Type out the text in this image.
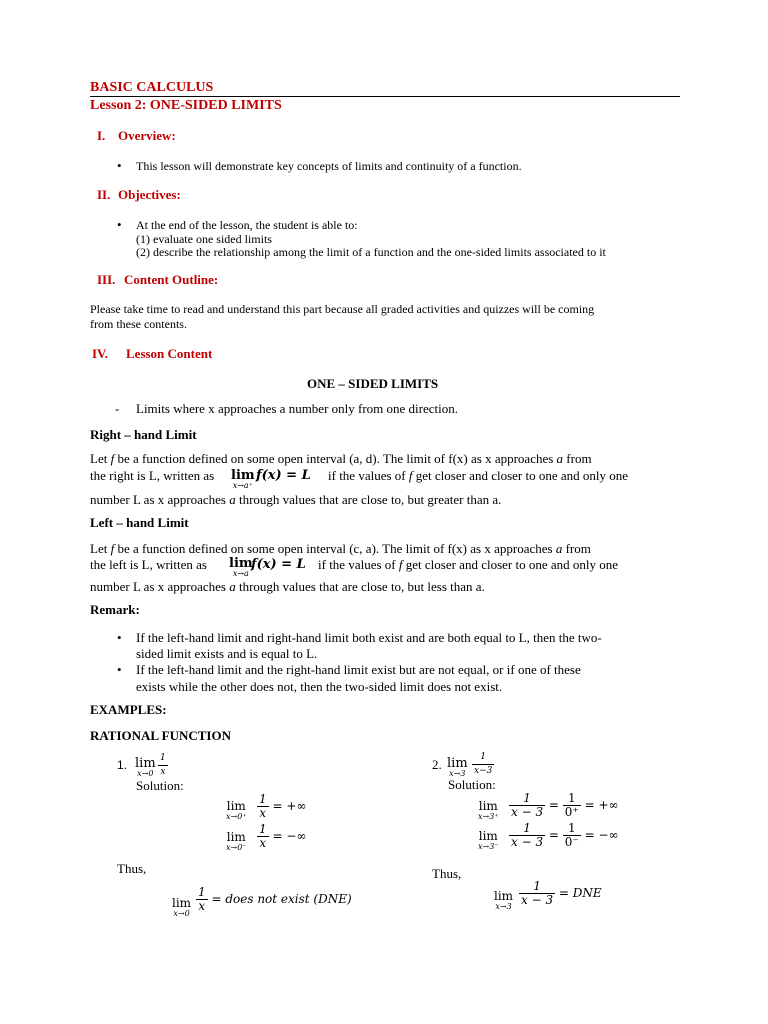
BASIC CALCULUS
Lesson 2: ONE-SIDED LIMITS
I. Overview:
• This lesson will demonstrate key concepts of limits and continuity of a function.
II. Objectives:
• At the end of the lesson, the student is able to:
(1) evaluate one sided limits
(2) describe the relationship among the limit of a function and the one-sided limits associated to it
III. Content Outline:
Please take time to read and understand this part because all graded activities and quizzes will be coming
from these contents.
IV. Lesson Content
ONE – SIDED LIMITS
- Limits where x approaches a number only from one direction.
Right – hand Limit
Let f be a function defined on some open interval (a, d). The limit of f(x) as x approaches a from
the right is L, written as lim
x→a⁺
f(x) = L if the values of f get closer and closer to one and only one
number L as x approaches a through values that are close to, but greater than a.
Left – hand Limit
Let f be a function defined on some open interval (c, a). The limit of f(x) as x approaches a from
the left is L, written as lim
x→a
f(x) = L if the values of f get closer and closer to one and only one
number L as x approaches a through values that are close to, but less than a.
Remark:
• If the left-hand limit and right-hand limit both exist and are both equal to L, then the two-
sided limit exists and is equal to L.
• If the left-hand limit and the right-hand limit exist but are not equal, or if one of these
exists while the other does not, then the two-sided limit does not exist.
EXAMPLES:
RATIONAL FUNCTION
1. lim
$x\to 0 \frac{1}{x}$
Solution:
lim
$x\to 0^+ \frac{1}{x}$ = +∞
lim
$x\to 0^- \frac{1}{x}$ = −∞
Thus,
lim
x→0
$\frac{1}{x}$ = does not exist (DNE)
2. lim
$x\to 3 \frac{1}{x-3}$
Solution:
lim
$x\to 3^+ \frac{1}{x - 3} = \frac{1}{0^+}$ = +∞
lim
$x\to 3^- \frac{1}{x - 3} = \frac{1}{0^-}$ = −∞
Thus,
lim
$x\to 3 \frac{1}{x - 3}$ = DNE
